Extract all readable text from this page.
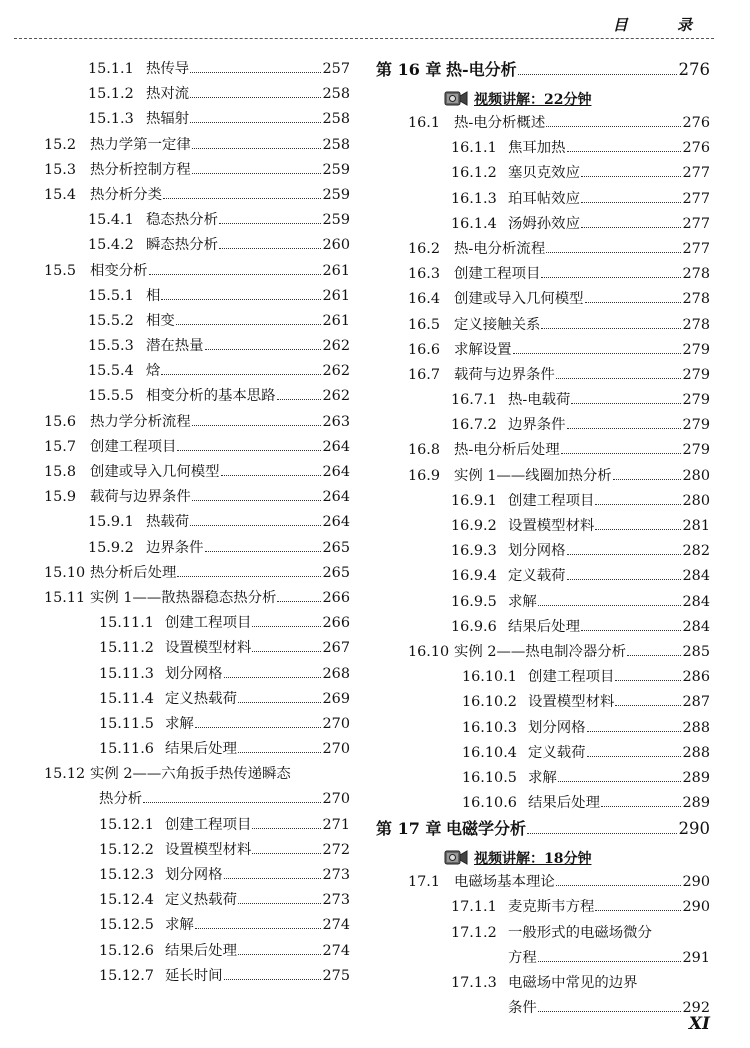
目 录
15.1.1 热传导	257
15.1.2 热对流	258
15.1.3 热辐射	258
15.2 热力学第一定律	258
15.3 热分析控制方程	259
15.4 热分析分类	259
15.4.1 稳态热分析	259
15.4.2 瞬态热分析	260
15.5 相变分析	261
15.5.1 相	261
15.5.2 相变	261
15.5.3 潜在热量	262
15.5.4 焓	262
15.5.5 相变分析的基本思路	262
15.6 热力学分析流程	263
15.7 创建工程项目	264
15.8 创建或导入几何模型	264
15.9 载荷与边界条件	264
15.9.1 热载荷	264
15.9.2 边界条件	265
15.10 热分析后处理	265
15.11 实例 1——散热器稳态热分析	266
15.11.1 创建工程项目	266
15.11.2 设置模型材料	267
15.11.3 划分网格	268
15.11.4 定义热载荷	269
15.11.5 求解	270
15.11.6 结果后处理	270
15.12 实例 2——六角扳手热传递瞬态
热分析	270
15.12.1 创建工程项目	271
15.12.2 设置模型材料	272
15.12.3 划分网格	273
15.12.4 定义热载荷	273
15.12.5 求解	274
15.12.6 结果后处理	274
15.12.7 延长时间	275
第 16 章 热-电分析	276
视频讲解：22分钟
16.1 热-电分析概述	276
16.1.1 焦耳加热	276
16.1.2 塞贝克效应	277
16.1.3 珀耳帖效应	277
16.1.4 汤姆孙效应	277
16.2 热-电分析流程	277
16.3 创建工程项目	278
16.4 创建或导入几何模型	278
16.5 定义接触关系	278
16.6 求解设置	279
16.7 载荷与边界条件	279
16.7.1 热-电载荷	279
16.7.2 边界条件	279
16.8 热-电分析后处理	279
16.9 实例 1——线圈加热分析	280
16.9.1 创建工程项目	280
16.9.2 设置模型材料	281
16.9.3 划分网格	282
16.9.4 定义载荷	284
16.9.5 求解	284
16.9.6 结果后处理	284
16.10 实例 2——热电制冷器分析	285
16.10.1 创建工程项目	286
16.10.2 设置模型材料	287
16.10.3 划分网格	288
16.10.4 定义载荷	288
16.10.5 求解	289
16.10.6 结果后处理	289
第 17 章 电磁学分析	290
视频讲解：18分钟
17.1 电磁场基本理论	290
17.1.1 麦克斯韦方程	290
17.1.2 一般形式的电磁场微分
方程	291
17.1.3 电磁场中常见的边界
条件	292
XI
